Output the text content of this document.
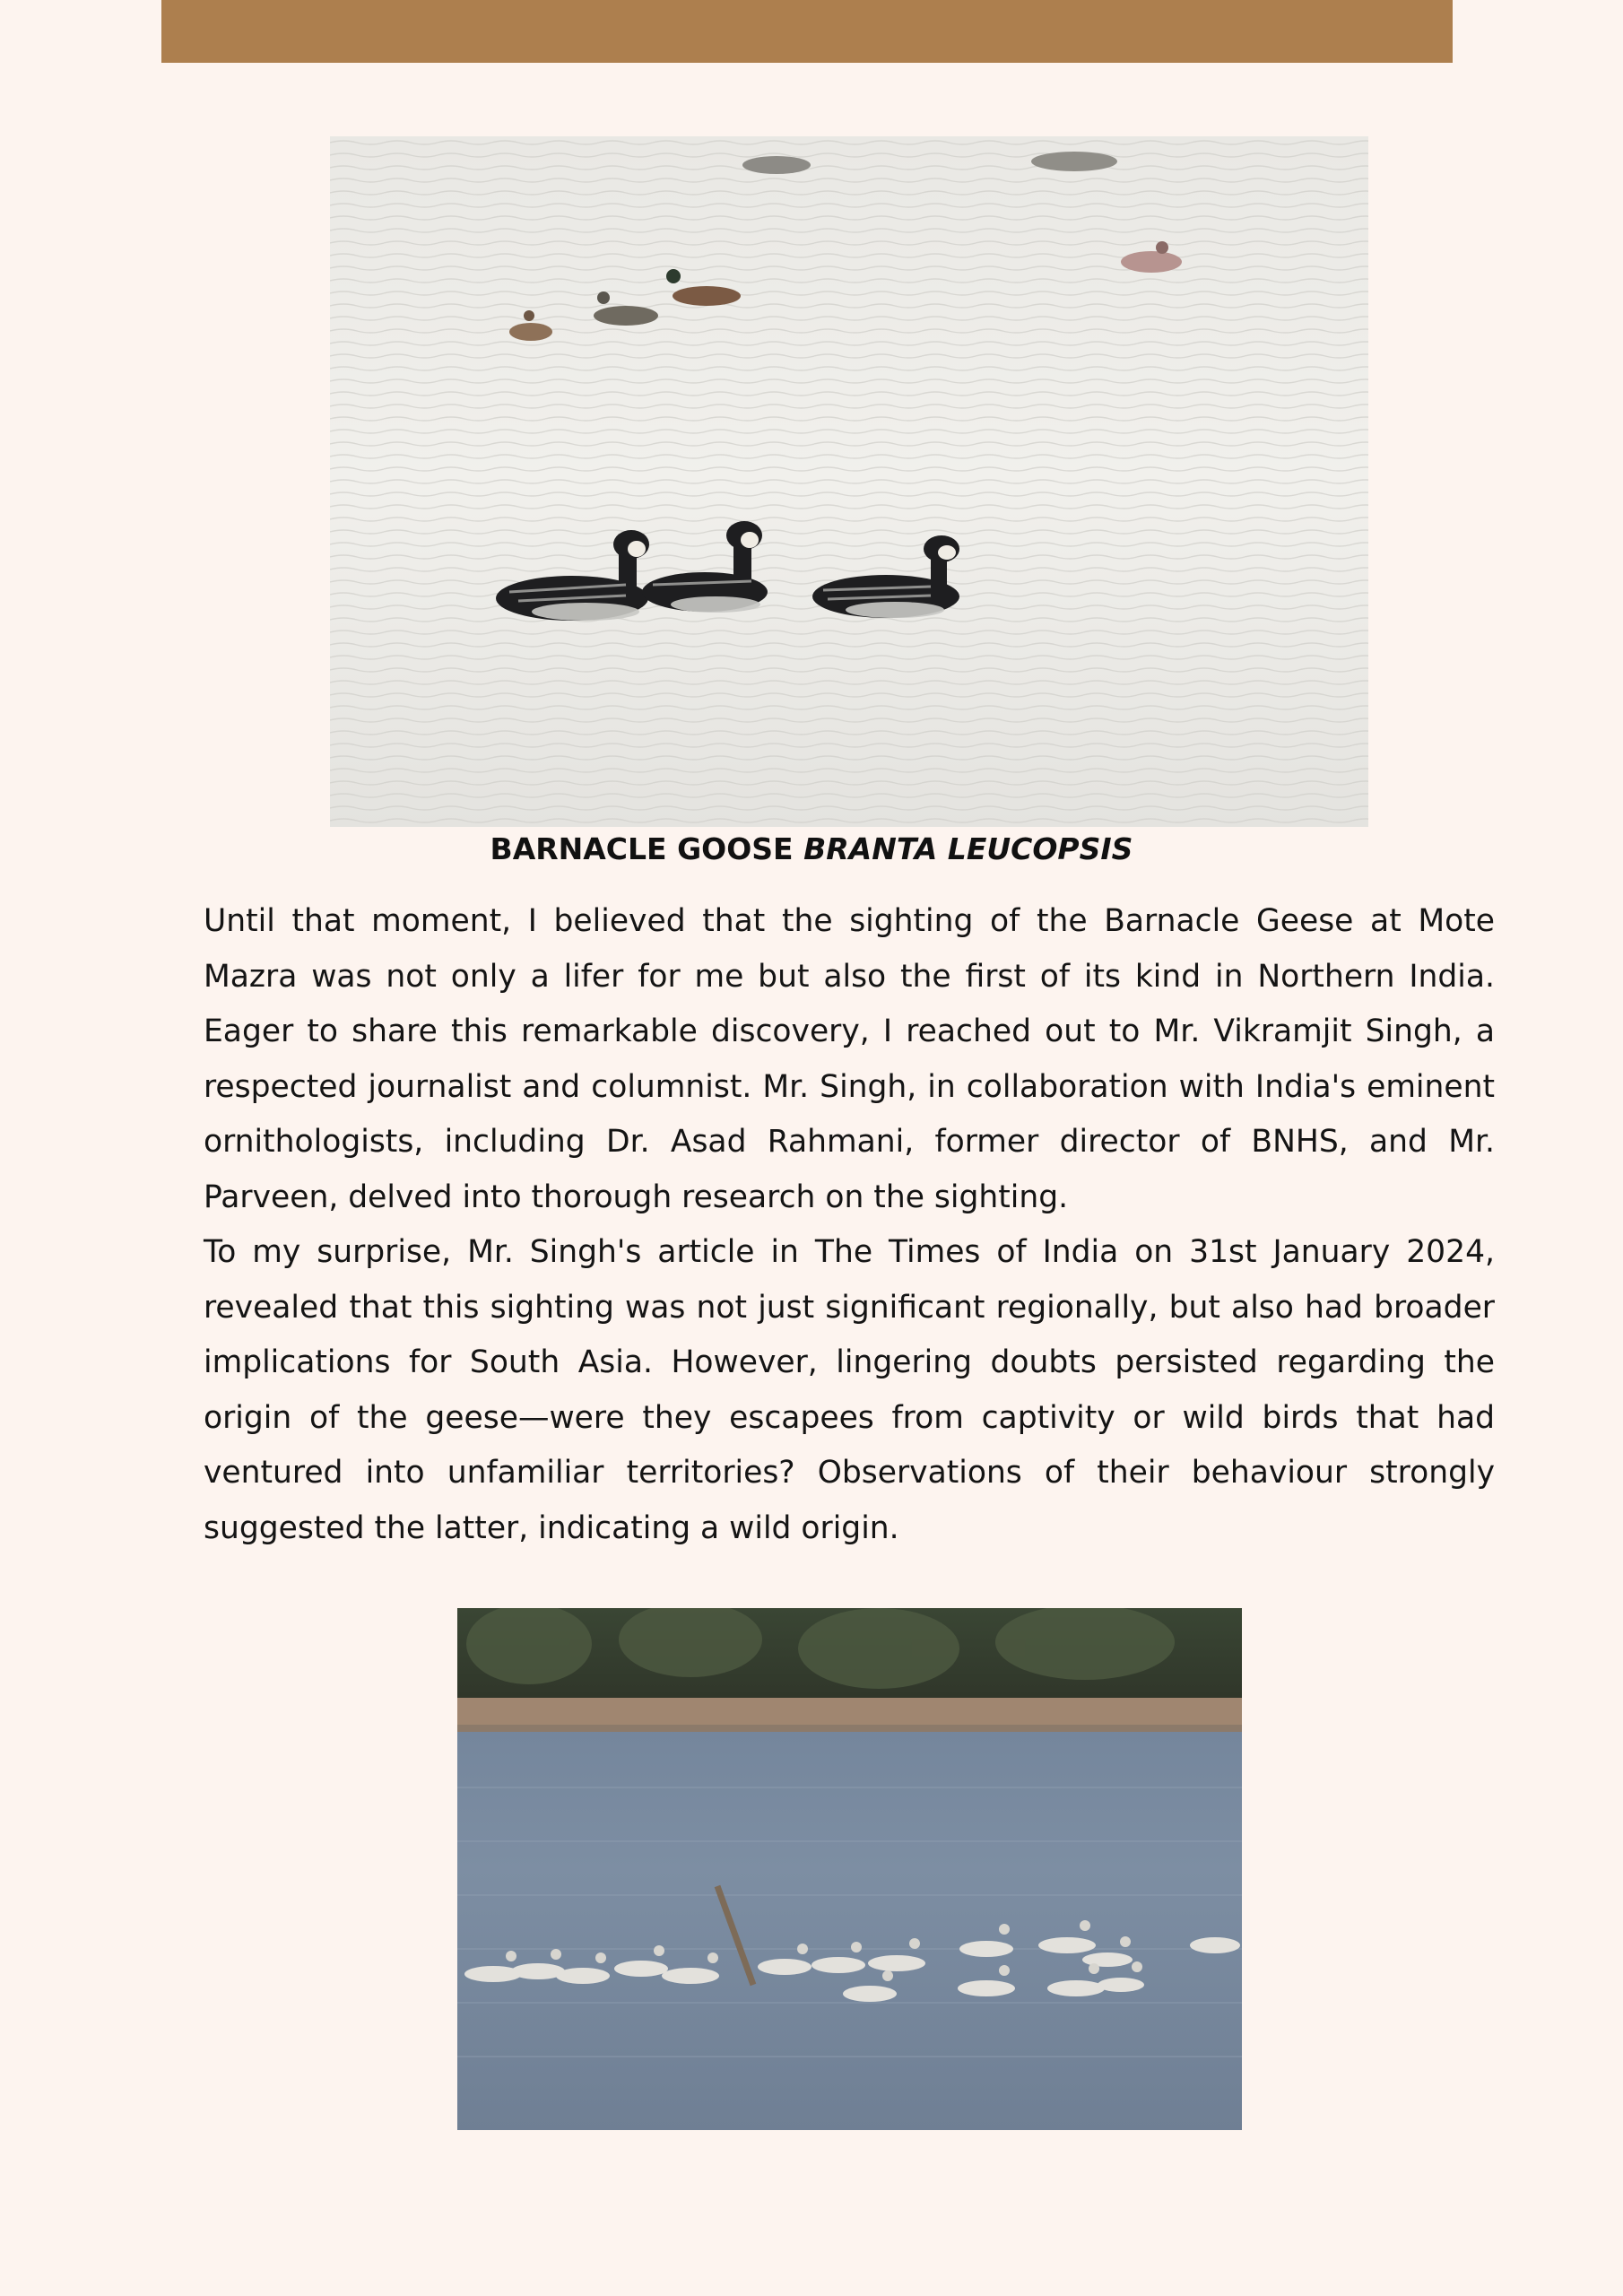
BARNACLE GOOSE BRANTA LEUCOPSIS

Until that moment, I believed that the sighting of the Barnacle Geese at Mote Mazra was not only a lifer for me but also the first of its kind in Northern India. Eager to share this remarkable discovery, I reached out to Mr. Vikramjit Singh, a respected journalist and columnist. Mr. Singh, in collaboration with India's eminent ornithologists, including Dr. Asad Rahmani, former director of BNHS, and Mr. Parveen, delved into thorough research on the sighting.

To my surprise, Mr. Singh's article in The Times of India on 31st January 2024, revealed that this sighting was not just significant regionally, but also had broader implications for South Asia. However, lingering doubts persisted regarding the origin of the geese—were they escapees from captivity or wild birds that had ventured into unfamiliar territories? Observations of their behaviour strongly suggested the latter, indicating a wild origin.
